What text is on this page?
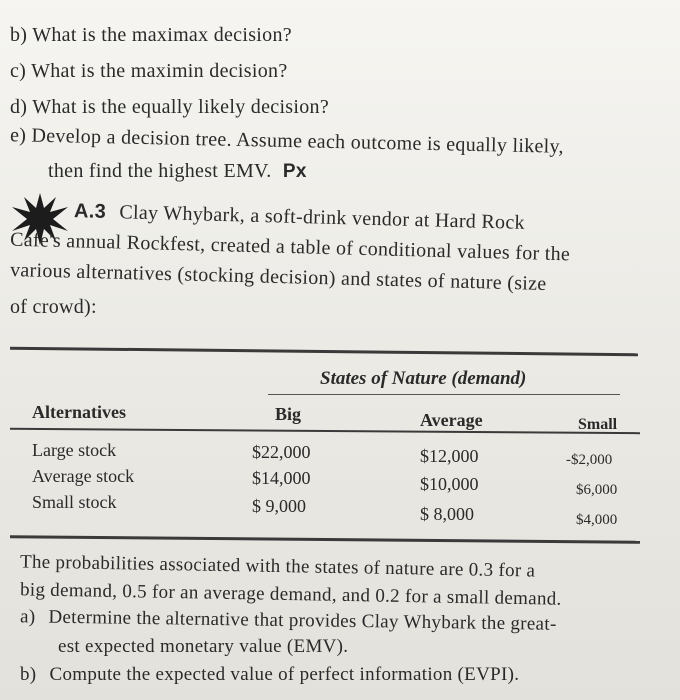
b) What is the maximax decision?
c) What is the maximin decision?
d) What is the equally likely decision?
e) Develop a decision tree. Assume each outcome is equally likely,
then find the highest EMV. Px
A.3 Clay Whybark, a soft-drink vendor at Hard Rock
Cafe's annual Rockfest, created a table of conditional values for the
various alternatives (stocking decision) and states of nature (size
of crowd):
States of Nature (demand)
Alternatives	Big	Average	Small
Large stock	$22,000	$12,000	-$2,000
Average stock	$14,000	$10,000	$6,000
Small stock	$ 9,000	$ 8,000	$4,000
The probabilities associated with the states of nature are 0.3 for a
big demand, 0.5 for an average demand, and 0.2 for a small demand.
a) Determine the alternative that provides Clay Whybark the great-
est expected monetary value (EMV).
b) Compute the expected value of perfect information (EVPI).
